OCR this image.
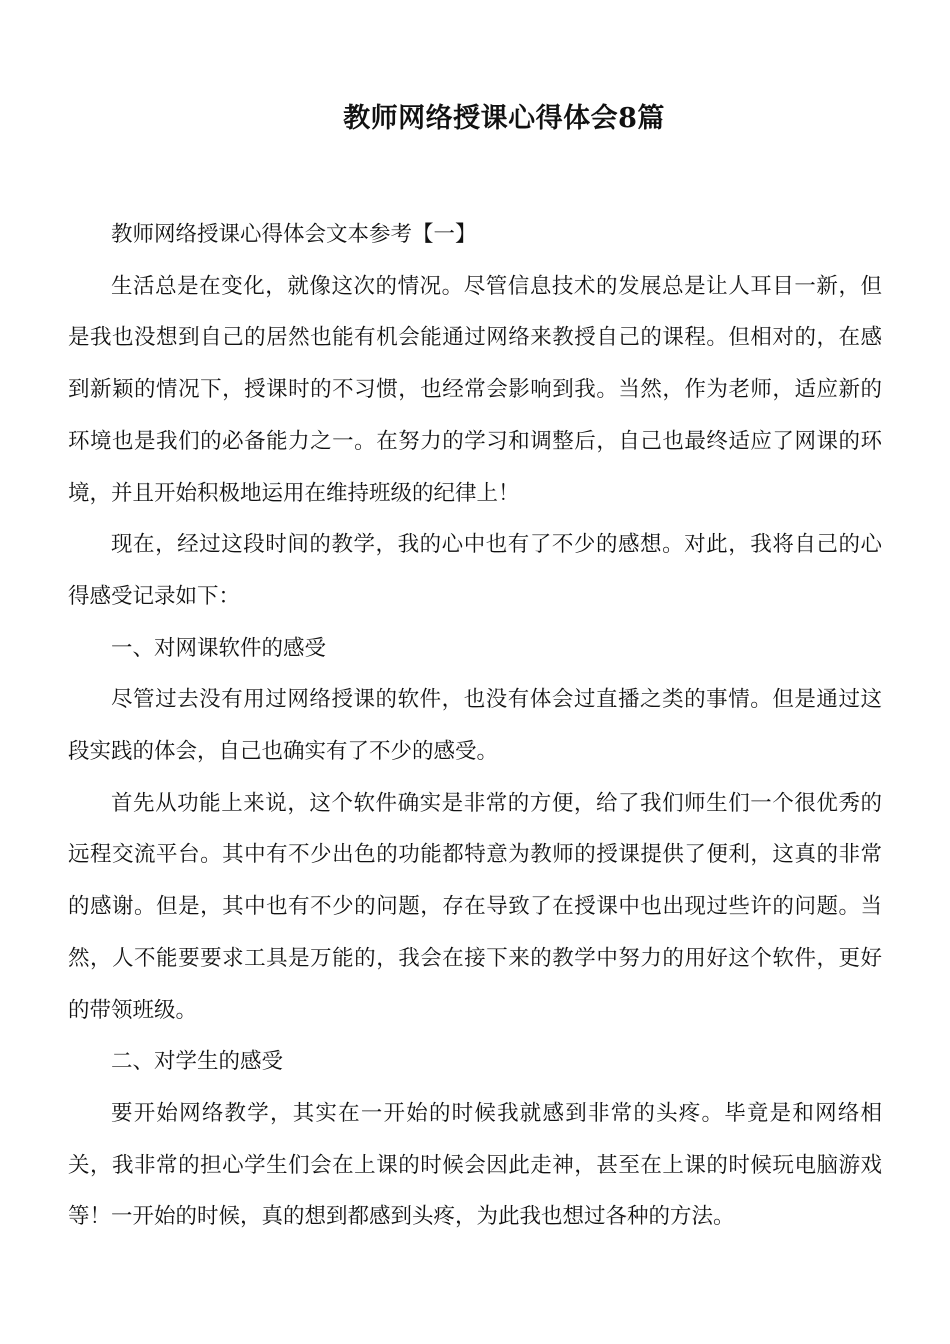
教师网络授课心得体会8篇

教师网络授课心得体会文本参考【一】

生活总是在变化，就像这次的情况。尽管信息技术的发展总是让人耳目一新，但是我也没想到自己的居然也能有机会能通过网络来教授自己的课程。但相对的，在感到新颖的情况下，授课时的不习惯，也经常会影响到我。当然，作为老师，适应新的环境也是我们的必备能力之一。在努力的学习和调整后，自己也最终适应了网课的环境，并且开始积极地运用在维持班级的纪律上！

现在，经过这段时间的教学，我的心中也有了不少的感想。对此，我将自己的心得感受记录如下：

一、对网课软件的感受

尽管过去没有用过网络授课的软件，也没有体会过直播之类的事情。但是通过这段实践的体会，自己也确实有了不少的感受。

首先从功能上来说，这个软件确实是非常的方便，给了我们师生们一个很优秀的远程交流平台。其中有不少出色的功能都特意为教师的授课提供了便利，这真的非常的感谢。但是，其中也有不少的问题，存在导致了在授课中也出现过些许的问题。当然，人不能要要求工具是万能的，我会在接下来的教学中努力的用好这个软件，更好的带领班级。

二、对学生的感受

要开始网络教学，其实在一开始的时候我就感到非常的头疼。毕竟是和网络相关，我非常的担心学生们会在上课的时候会因此走神，甚至在上课的时候玩电脑游戏等！一开始的时候，真的想到都感到头疼，为此我也想过各种的方法。
